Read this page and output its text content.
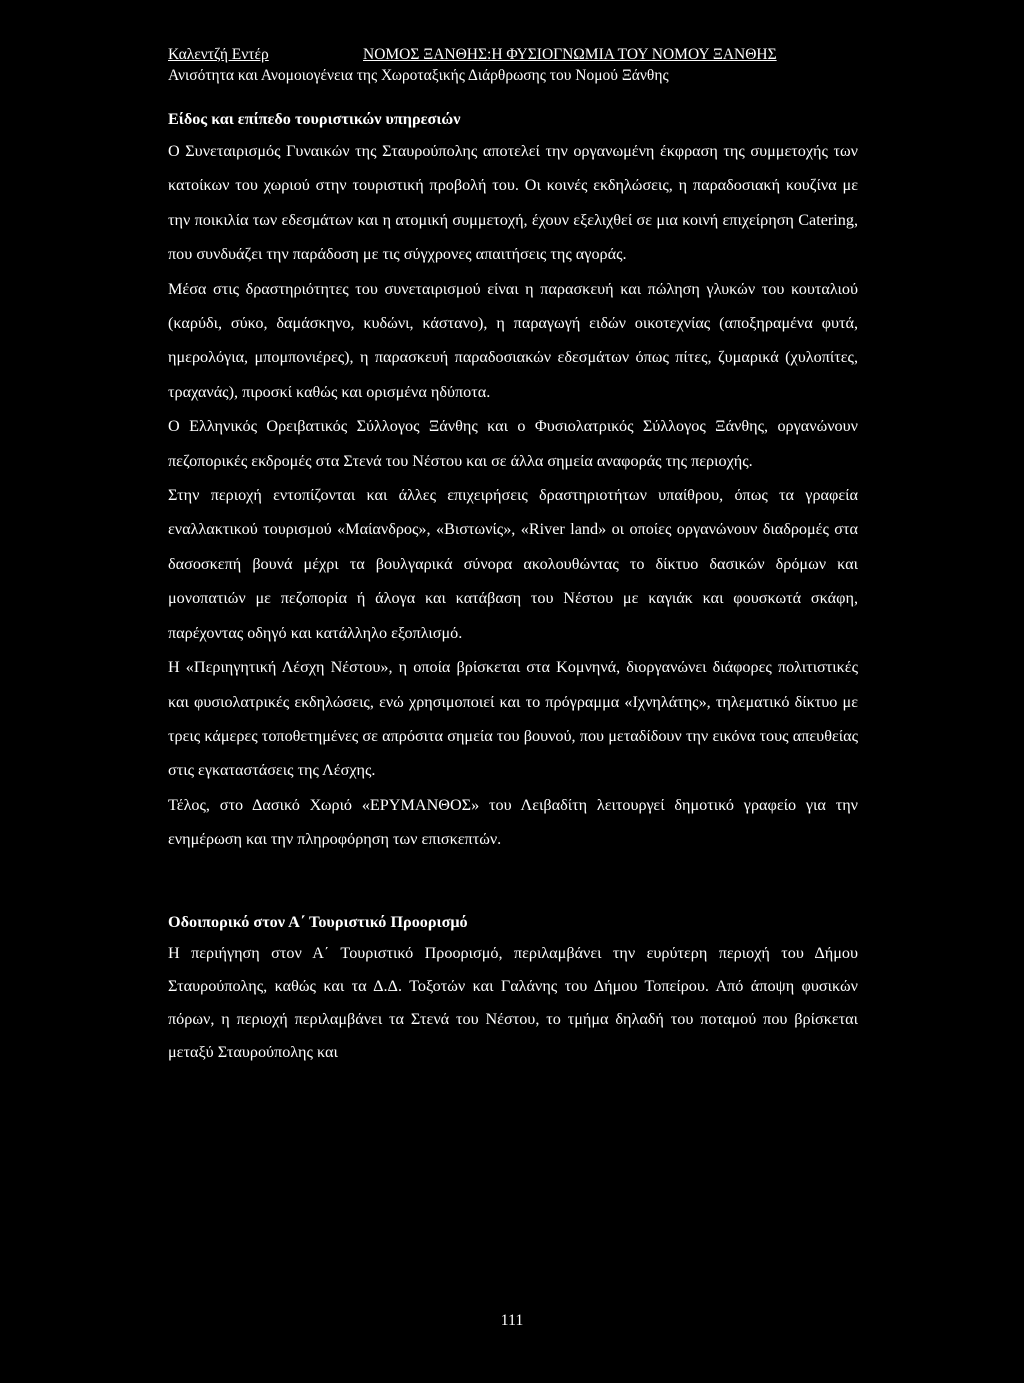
Καλεντζή Εντέρ	ΝΟΜΟΣ ΞΑΝΘΗΣ:Η ΦΥΣΙΟΓΝΩΜΙΑ ΤΟΥ ΝΟΜΟΥ ΞΑΝΘΗΣ
Ανισότητα και Ανομοιογένεια της Χωροταξικής Διάρθρωσης του Νομού Ξάνθης

Είδος και επίπεδο τουριστικών υπηρεσιών

Ο Συνεταιρισμός Γυναικών της Σταυρούπολης αποτελεί την οργανωμένη έκφραση της συμμετοχής των κατοίκων του χωριού στην τουριστική προβολή του. Οι κοινές εκδηλώσεις, η παραδοσιακή κουζίνα με την ποικιλία των εδεσμάτων και η ατομική συμμετοχή, έχουν εξελιχθεί σε μια κοινή επιχείρηση Catering, που συνδυάζει την παράδοση με τις σύγχρονες απαιτήσεις της αγοράς.

Μέσα στις δραστηριότητες του συνεταιρισμού είναι η παρασκευή και πώληση γλυκών του κουταλιού (καρύδι, σύκο, δαμάσκηνο, κυδώνι, κάστανο), η παραγωγή ειδών οικοτεχνίας (αποξηραμένα φυτά, ημερολόγια, μπομπονιέρες), η παρασκευή παραδοσιακών εδεσμάτων όπως πίτες, ζυμαρικά (χυλοπίτες, τραχανάς), πιροσκί καθώς και ορισμένα ηδύποτα.

Ο Ελληνικός Ορειβατικός Σύλλογος Ξάνθης και ο Φυσιολατρικός Σύλλογος Ξάνθης, οργανώνουν πεζοπορικές εκδρομές στα Στενά του Νέστου και σε άλλα σημεία αναφοράς της περιοχής.

Στην περιοχή εντοπίζονται και άλλες επιχειρήσεις δραστηριοτήτων υπαίθρου, όπως τα γραφεία εναλλακτικού τουρισμού «Μαίανδρος», «Βιστωνίς», «River land» οι οποίες οργανώνουν διαδρομές στα δασοσκεπή βουνά μέχρι τα βουλγαρικά σύνορα ακολουθώντας το δίκτυο δασικών δρόμων και μονοπατιών με πεζοπορία ή άλογα και κατάβαση του Νέστου με καγιάκ και φουσκωτά σκάφη, παρέχοντας οδηγό και κατάλληλο εξοπλισμό.

Η «Περιηγητική Λέσχη Νέστου», η οποία βρίσκεται στα Κομνηνά, διοργανώνει διάφορες πολιτιστικές και φυσιολατρικές εκδηλώσεις, ενώ χρησιμοποιεί και το πρόγραμμα «Ιχνηλάτης», τηλεματικό δίκτυο με τρεις κάμερες τοποθετημένες σε απρόσιτα σημεία του βουνού, που μεταδίδουν την εικόνα τους απευθείας στις εγκαταστάσεις της Λέσχης.

Τέλος, στο Δασικό Χωριό «ΕΡΥΜΑΝΘΟΣ» του Λειβαδίτη λειτουργεί δημοτικό γραφείο για την ενημέρωση και την πληροφόρηση των επισκεπτών.

Οδοιπορικό στον Α΄ Τουριστικό Προορισμό

Η περιήγηση στον Α΄ Τουριστικό Προορισμό, περιλαμβάνει την ευρύτερη περιοχή του Δήμου Σταυρούπολης, καθώς και τα Δ.Δ. Τοξοτών και Γαλάνης του Δήμου Τοπείρου. Από άποψη φυσικών πόρων, η περιοχή περιλαμβάνει τα Στενά του Νέστου, το τμήμα δηλαδή του ποταμού που βρίσκεται μεταξύ Σταυρούπολης και

111
